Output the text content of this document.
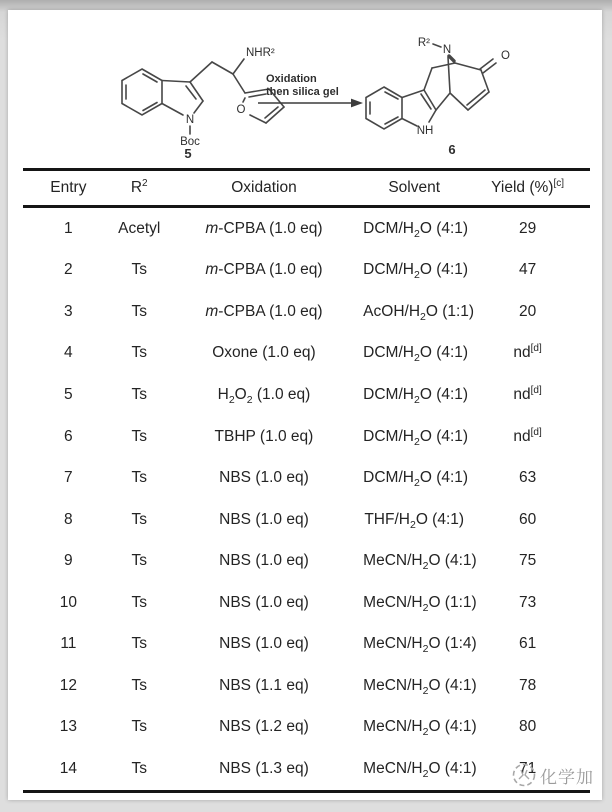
N
Boc
NHR²
O
5
Oxidation
then silica gel
NH
R²
N	O
6
Entry	$R^2$	Oxidation	Solvent	Yield (%)[c]
1	Acetyl	m-CPBA (1.0 eq)	DCM/$H_2O$ (4:1)	29
2	Ts	m-CPBA (1.0 eq)	DCM/$H_2O$ (4:1)	47
3	Ts	m-CPBA (1.0 eq)	AcOH/$H_2O$ (1:1)	20
4	Ts	Oxone (1.0 eq)	DCM/$H_2O$ (4:1)	nd[d]
5	Ts	$H_2O_2$ (1.0 eq)	DCM/$H_2O$ (4:1)	nd[d]
6	Ts	TBHP (1.0 eq)	DCM/$H_2O$ (4:1)	nd[d]
7	Ts	NBS (1.0 eq)	DCM/$H_2O$ (4:1)	63
8	Ts	NBS (1.0 eq)	THF/$H_2O$ (4:1)	60
9	Ts	NBS (1.0 eq)	MeCN/$H_2O$ (4:1)	75
10	Ts	NBS (1.0 eq)	MeCN/$H_2O$ (1:1)	73
11	Ts	NBS (1.0 eq)	MeCN/$H_2O$ (1:4)	61
12	Ts	NBS (1.1 eq)	MeCN/$H_2O$ (4:1)	78
13	Ts	NBS (1.2 eq)	MeCN/$H_2O$ (4:1)	80
14	Ts	NBS (1.3 eq)	MeCN/$H_2O$ (4:1)	71 化学加
